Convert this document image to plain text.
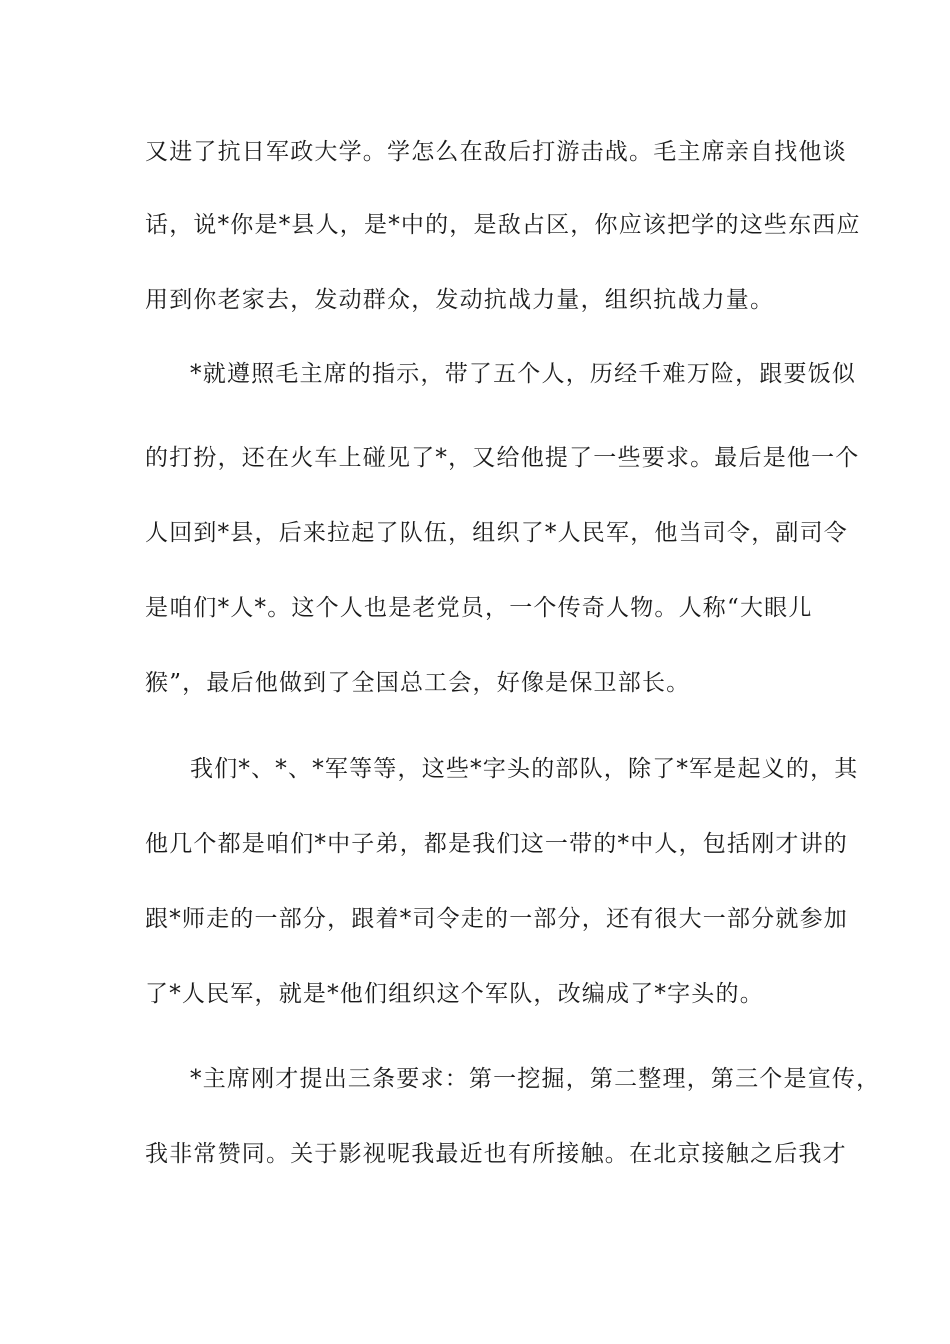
又进了抗日军政大学。学怎么在敌后打游击战。毛主席亲自找他谈
话，说*你是*县人，是*中的，是敌占区，你应该把学的这些东西应
用到你老家去，发动群众，发动抗战力量，组织抗战力量。
*就遵照毛主席的指示，带了五个人，历经千难万险，跟要饭似
的打扮，还在火车上碰见了*，又给他提了一些要求。最后是他一个
人回到*县，后来拉起了队伍，组织了*人民军，他当司令，副司令
是咱们*人*。这个人也是老党员，一个传奇人物。人称“大眼儿
猴”，最后他做到了全国总工会，好像是保卫部长。
我们*、*、*军等等，这些*字头的部队，除了*军是起义的，其
他几个都是咱们*中子弟，都是我们这一带的*中人，包括刚才讲的
跟*师走的一部分，跟着*司令走的一部分，还有很大一部分就参加
了*人民军，就是*他们组织这个军队，改编成了*字头的。
*主席刚才提出三条要求：第一挖掘，第二整理，第三个是宣传，
我非常赞同。关于影视呢我最近也有所接触。在北京接触之后我才
